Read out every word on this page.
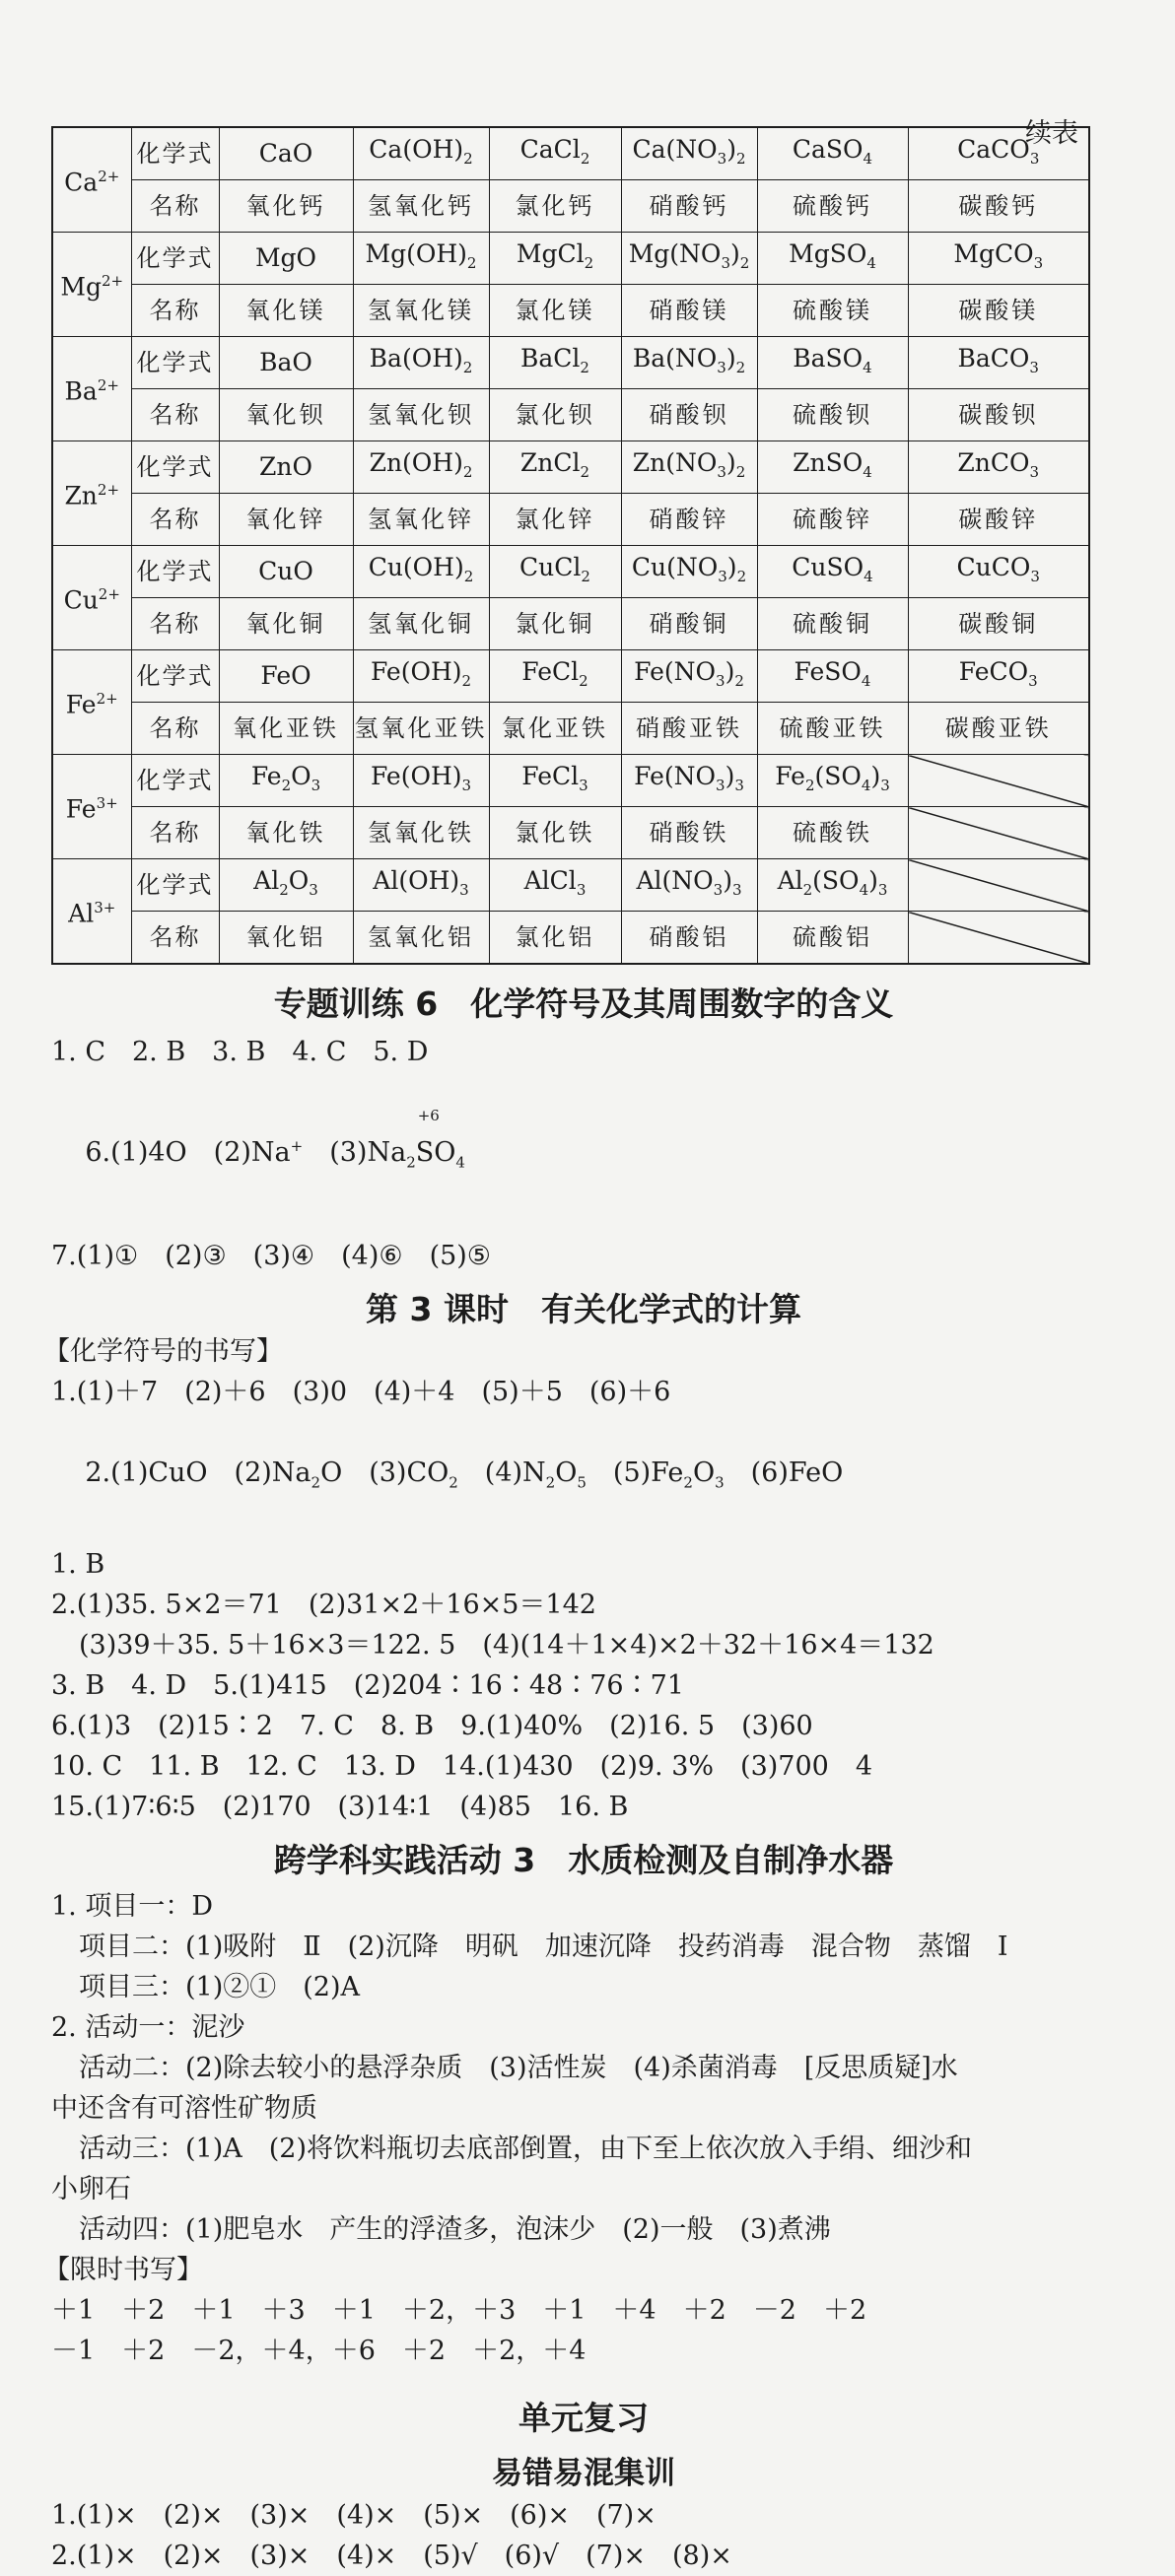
续表
$Ca^{2+}$	化学式	CaO	$Ca(OH)_2$	CaCl$_2$	$Ca(NO_3)_2$	CaSO$_4$	CaCO$_3$
	名称	氧化钙	氢氧化钙	氯化钙	硝酸钙	硫酸钙	碳酸钙
$Mg^{2+}$	化学式	MgO	$Mg(OH)_2$	MgCl$_2$	$Mg(NO_3)_2$	MgSO$_4$	MgCO$_3$
	名称	氧化镁	氢氧化镁	氯化镁	硝酸镁	硫酸镁	碳酸镁
$Ba^{2+}$	化学式	BaO	$Ba(OH)_2$	BaCl$_2$	$Ba(NO_3)_2$	BaSO$_4$	BaCO$_3$
	名称	氧化钡	氢氧化钡	氯化钡	硝酸钡	硫酸钡	碳酸钡
$Zn^{2+}$	化学式	ZnO	$Zn(OH)_2$	ZnCl$_2$	$Zn(NO_3)_2$	ZnSO$_4$	ZnCO$_3$
	名称	氧化锌	氢氧化锌	氯化锌	硝酸锌	硫酸锌	碳酸锌
$Cu^{2+}$	化学式	CuO	$Cu(OH)_2$	CuCl$_2$	$Cu(NO_3)_2$	CuSO$_4$	CuCO$_3$
	名称	氧化铜	氢氧化铜	氯化铜	硝酸铜	硫酸铜	碳酸铜
$Fe^{2+}$	化学式	FeO	$Fe(OH)_2$	FeCl$_2$	$Fe(NO_3)_2$	FeSO$_4$	FeCO$_3$
	名称	氧化亚铁	氢氧化亚铁	氯化亚铁	硝酸亚铁	硫酸亚铁	碳酸亚铁
$Fe^{3+}$	化学式	$Fe_2O_3$	$Fe(OH)_3$	FeCl$_3$	$Fe(NO_3)_3$	$Fe_2(SO_4)_3$	
	名称	氧化铁	氢氧化铁	氯化铁	硝酸铁	硫酸铁	
$Al^{3+}$	化学式	$Al_2O_3$	$Al(OH)_3$	AlCl$_3$	$Al(NO_3)_3$	$Al_2(SO_4)_3$	
	名称	氧化铝	氢氧化铝	氯化铝	硝酸铝	硫酸铝	
专题训练 6　化学符号及其周围数字的含义

1. C　2. B　3. B　4. C　5. D

6.(1)4O　(2)Na+　$(3)Na_2$
+6
$SO_4$

7.(1)①　(2)③　(3)④　(4)⑥　(5)⑤

第 3 课时　有关化学式的计算

【化学符号的书写】

1.(1)＋7　(2)＋6　(3)0　(4)＋4　(5)＋5　(6)＋6

2.(1)CuO　$(2)Na_2O$　$(3)CO_2$　$(4)N_2O_5$　$(5)Fe_2O_3$　(6)FeO

1. B

2.(1)35. 5×2＝71　(2)31×2＋16×5＝142

(3)39＋35. 5＋16×3＝122. 5　(4)(14＋1×4)×2＋32＋16×4＝132

3. B　4. D　5.(1)415　(2)204∶16∶48∶76∶71

6.(1)3　(2)15∶2　7. C　8. B　9.(1)40%　(2)16. 5　(3)60

10. C　11. B　12. C　13. D　14.(1)430　(2)9. 3%　(3)700　4

15.(1)7∶6∶5　(2)170　(3)14∶1　(4)85　16. B

跨学科实践活动 3　水质检测及自制净水器

1. 项目一：D

项目二：(1)吸附　Ⅱ　(2)沉降　明矾　加速沉降　投药消毒　混合物　蒸馏　Ⅰ

项目三：(1)②①　(2)A

2. 活动一：泥沙

活动二：(2)除去较小的悬浮杂质　(3)活性炭　(4)杀菌消毒　[反思质疑]水

中还含有可溶性矿物质

活动三：(1)A　(2)将饮料瓶切去底部倒置，由下至上依次放入手绢、细沙和

小卵石

活动四：(1)肥皂水　产生的浮渣多，泡沫少　(2)一般　(3)煮沸

【限时书写】

＋1　＋2　＋1　＋3　＋1　＋2，＋3　＋1　＋4　＋2　－2　＋2

－1　＋2　－2，＋4，＋6　＋2　＋2，＋4

单元复习
易错易混集训

1.(1)×　(2)×　(3)×　(4)×　(5)×　(6)×　(7)×

2.(1)×　(2)×　(3)×　(4)×　(5)√　(6)√　(7)×　(8)×
